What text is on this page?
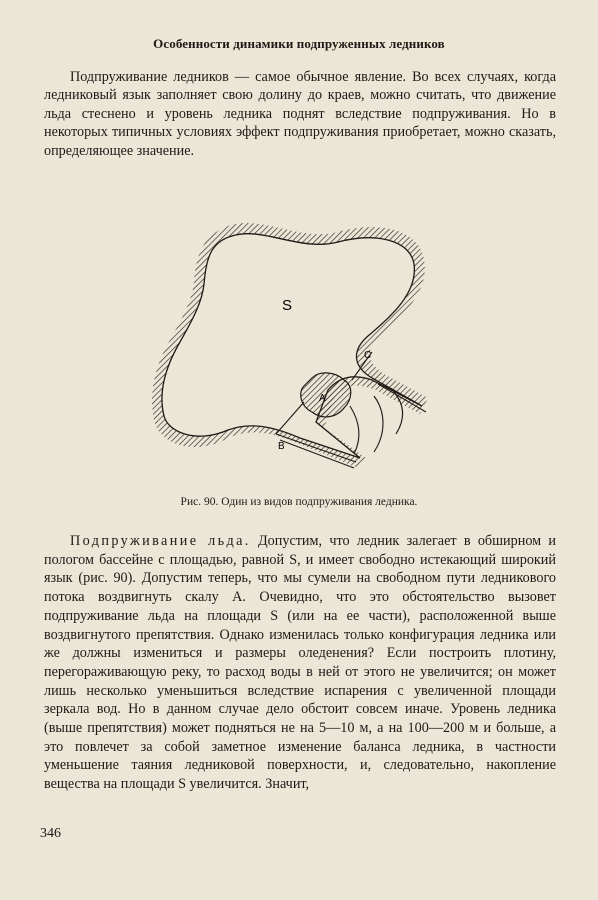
Особенности динамики подпруженных ледников

Подпруживание ледников — самое обычное явление. Во всех случаях, когда ледниковый язык заполняет свою долину до краев, можно считать, что движение льда стеснено и уровень ледника поднят вследствие подпруживания. Но в некоторых типичных условиях эффект подпруживания приобретает, можно сказать, определяющее значение.

S
A
B
C
Рис. 90. Один из видов подпруживания ледника.

Подпруживание льда. Допустим, что ледник залегает в обширном и пологом бассейне с площадью, равной S, и имеет свободно истекающий широкий язык (рис. 90). Допустим теперь, что мы сумели на свободном пути ледникового потока воздвигнуть скалу A. Очевидно, что это обстоятельство вызовет подпруживание льда на площади S (или на ее части), расположенной выше воздвигнутого препятствия. Однако изменилась только конфигурация ледника или же должны измениться и размеры оледенения? Если построить плотину, перегораживающую реку, то расход воды в ней от этого не увеличится; он может лишь несколько уменьшиться вследствие испарения с увеличенной площади зеркала вод. Но в данном случае дело обстоит совсем иначе. Уровень ледника (выше препятствия) может подняться не на 5—10 м, а на 100—200 м и больше, а это повлечет за собой заметное изменение баланса ледника, в частности уменьшение таяния ледниковой поверхности, и, следовательно, накопление вещества на площади S увеличится. Значит,

346
